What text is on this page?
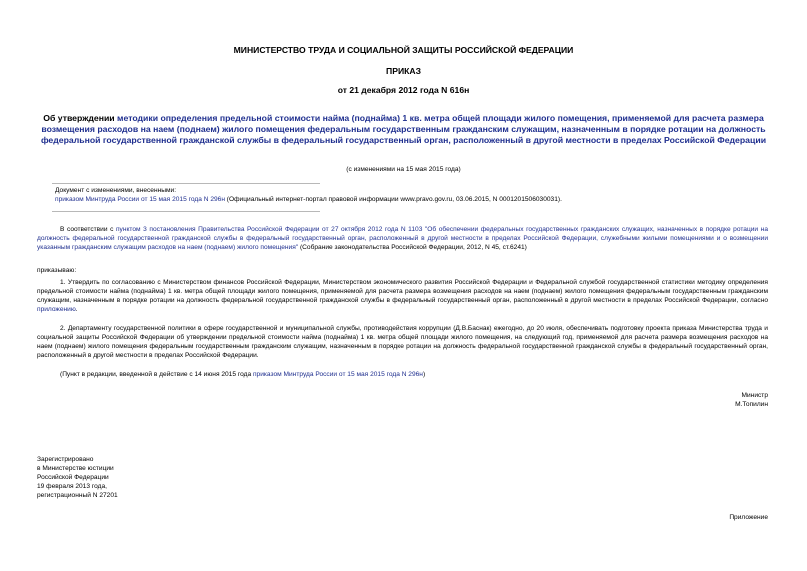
МИНИСТЕРСТВО ТРУДА И СОЦИАЛЬНОЙ ЗАЩИТЫ РОССИЙСКОЙ ФЕДЕРАЦИИ
ПРИКАЗ
от 21 декабря 2012 года N 616н
Об утверждении методики определения предельной стоимости найма (поднайма) 1 кв. метра общей площади жилого помещения, применяемой для расчета размера возмещения расходов на наем (поднаем) жилого помещения федеральным государственным гражданским служащим, назначенным в порядке ротации на должность федеральной государственной гражданской службы в федеральный государственный орган, расположенный в другой местности в пределах Российской Федерации
(с изменениями на 15 мая 2015 года)
Документ с изменениями, внесенными:
приказом Минтруда России от 15 мая 2015 года N 296н (Официальный интернет-портал правовой информации www.pravo.gov.ru, 03.06.2015, N 0001201506030031).
В соответствии с пунктом 3 постановления Правительства Российской Федерации от 27 октября 2012 года N 1103 "Об обеспечении федеральных государственных гражданских служащих, назначенных в порядке ротации на должность федеральной государственной гражданской службы в федеральный государственный орган, расположенный в другой местности в пределах Российской Федерации, служебными жилыми помещениями и о возмещении указанным гражданским служащим расходов на наем (поднаем) жилого помещения" (Собрание законодательства Российской Федерации, 2012, N 45, ст.6241)
приказываю:
1. Утвердить по согласованию с Министерством финансов Российской Федерации, Министерством экономического развития Российской Федерации и Федеральной службой государственной статистики методику определения предельной стоимости найма (поднайма) 1 кв. метра общей площади жилого помещения, применяемой для расчета размера возмещения расходов на наем (поднаем) жилого помещения федеральным государственным гражданским служащим, назначенным в порядке ротации на должность федеральной государственной гражданской службы в федеральный государственный орган, расположенный в другой местности в пределах Российской Федерации, согласно приложению.
2. Департаменту государственной политики в сфере государственной и муниципальной службы, противодействия коррупции (Д.В.Баснак) ежегодно, до 20 июля, обеспечивать подготовку проекта приказа Министерства труда и социальной защиты Российской Федерации об утверждении предельной стоимости найма (поднайма) 1 кв. метра общей площади жилого помещения, на следующий год, применяемой для расчета размера возмещения расходов на наем (поднаем) жилого помещения федеральным государственным гражданским служащим, назначенным в порядке ротации на должность федеральной государственной гражданской службы в федеральный государственный орган, расположенный в другой местности в пределах Российской Федерации.
(Пункт в редакции, введенной в действие с 14 июня 2015 года приказом Минтруда России от 15 мая 2015 года N 296н)
Министр
М.Топилин
Зарегистрировано
в Министерстве юстиции
Российской Федерации
19 февраля 2013 года,
регистрационный N 27201
Приложение
